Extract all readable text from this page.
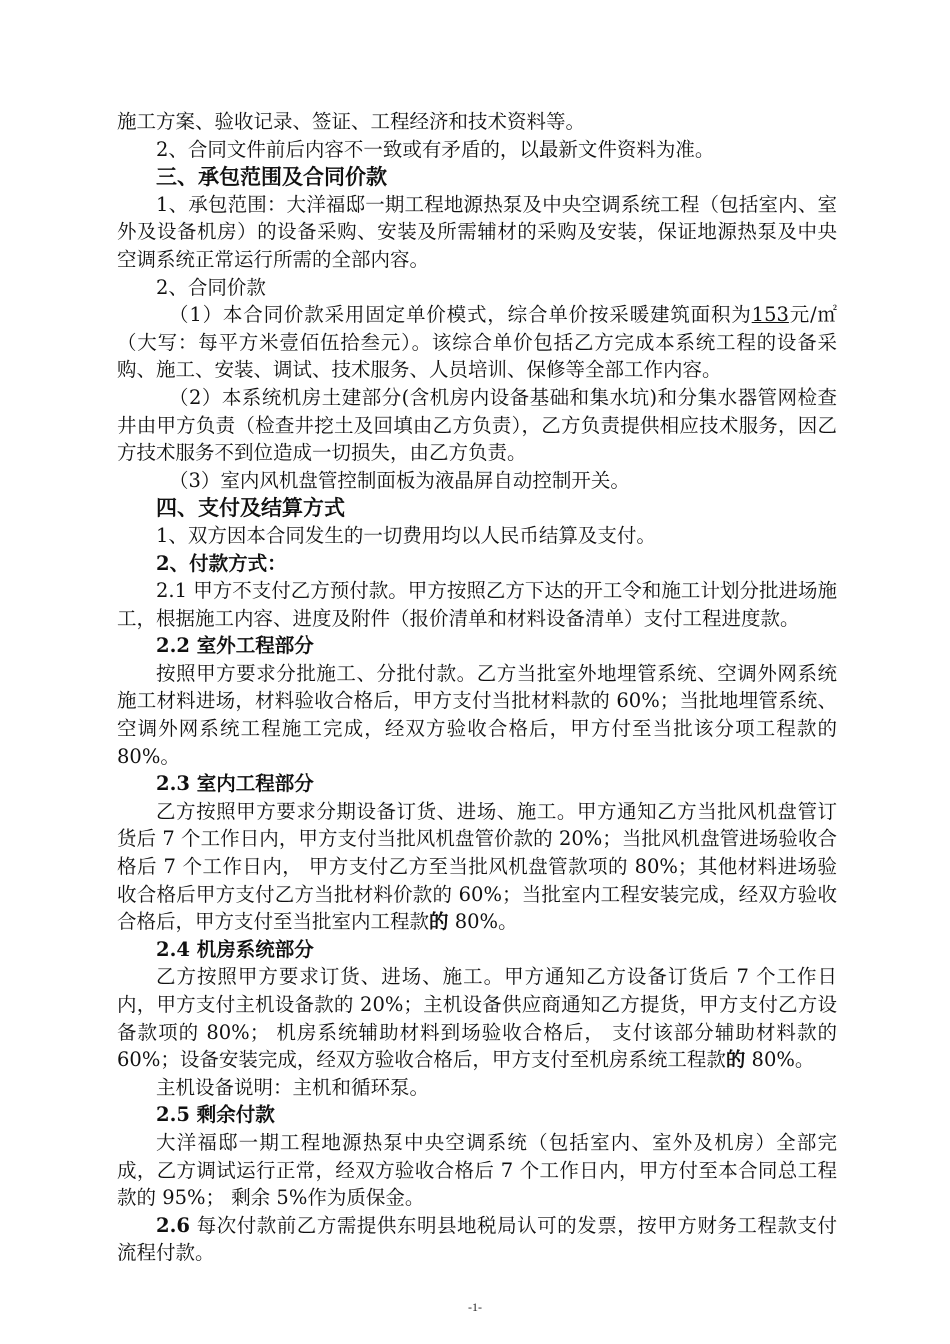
施工方案、验收记录、签证、工程经济和技术资料等。

2、合同文件前后内容不一致或有矛盾的，以最新文件资料为准。

三、承包范围及合同价款

1、承包范围：大洋福邸一期工程地源热泵及中央空调系统工程（包括室内、室外及设备机房）的设备采购、安装及所需辅材的采购及安装，保证地源热泵及中央空调系统正常运行所需的全部内容。

2、合同价款

（1）本合同价款采用固定单价模式，综合单价按采暖建筑面积为153元/㎡（大写：每平方米壹佰伍拾叁元）。该综合单价包括乙方完成本系统工程的设备采购、施工、安装、调试、技术服务、人员培训、保修等全部工作内容。

（2）本系统机房土建部分(含机房内设备基础和集水坑)和分集水器管网检查井由甲方负责（检查井挖土及回填由乙方负责），乙方负责提供相应技术服务，因乙方技术服务不到位造成一切损失，由乙方负责。

（3）室内风机盘管控制面板为液晶屏自动控制开关。

四、支付及结算方式

1、双方因本合同发生的一切费用均以人民币结算及支付。

2、付款方式：

2.1 甲方不支付乙方预付款。甲方按照乙方下达的开工令和施工计划分批进场施工，根据施工内容、进度及附件（报价清单和材料设备清单）支付工程进度款。

2.2 室外工程部分

按照甲方要求分批施工、分批付款。乙方当批室外地埋管系统、空调外网系统施工材料进场，材料验收合格后，甲方支付当批材料款的 60%；当批地埋管系统、空调外网系统工程施工完成，经双方验收合格后，甲方付至当批该分项工程款的 80%。

2.3 室内工程部分

乙方按照甲方要求分期设备订货、进场、施工。甲方通知乙方当批风机盘管订货后 7 个工作日内，甲方支付当批风机盘管价款的 20%；当批风机盘管进场验收合格后 7 个工作日内， 甲方支付乙方至当批风机盘管款项的 80%；其他材料进场验收合格后甲方支付乙方当批材料价款的 60%；当批室内工程安装完成，经双方验收合格后，甲方支付至当批室内工程款的 80%。

2.4 机房系统部分

乙方按照甲方要求订货、进场、施工。甲方通知乙方设备订货后 7 个工作日内，甲方支付主机设备款的 20%；主机设备供应商通知乙方提货，甲方支付乙方设备款项的 80%； 机房系统辅助材料到场验收合格后， 支付该部分辅助材料款的 60%；设备安装完成，经双方验收合格后，甲方支付至机房系统工程款的 80%。

主机设备说明：主机和循环泵。

2.5 剩余付款

大洋福邸一期工程地源热泵中央空调系统（包括室内、室外及机房）全部完成，乙方调试运行正常，经双方验收合格后 7 个工作日内，甲方付至本合同总工程款的 95%； 剩余 5%作为质保金。

2.6 每次付款前乙方需提供东明县地税局认可的发票，按甲方财务工程款支付流程付款。

-1-
